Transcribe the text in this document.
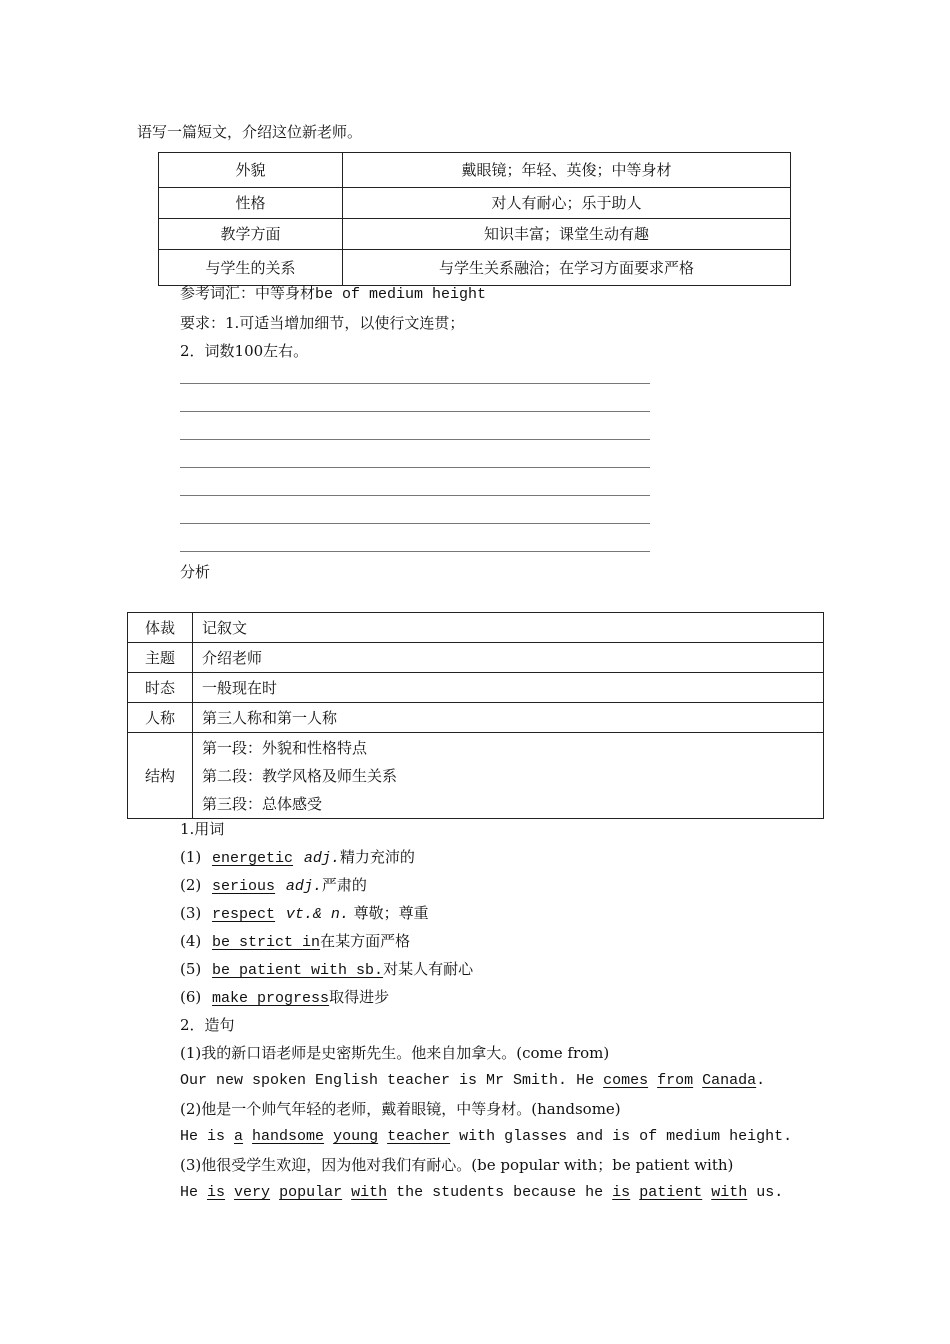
语写一篇短文，介绍这位新老师。
外貌	戴眼镜；年轻、英俊；中等身材
性格	对人有耐心；乐于助人
教学方面	知识丰富；课堂生动有趣
与学生的关系	与学生关系融洽；在学习方面要求严格
参考词汇：中等身材be of medium height
要求：1.可适当增加细节，以使行文连贯；
2．词数100左右。
分析
体裁	记叙文
主题	介绍老师
时态	一般现在时
人称	第三人称和第一人称
结构	第一段：外貌和性格特点
第二段：教学风格及师生关系
第三段：总体感受
1.用词
(1) energetic adj.精力充沛的
(2) serious adj.严肃的
(3) respect vt.& n. 尊敬；尊重
(4) be strict in在某方面严格
(5) be patient with sb.对某人有耐心
(6) make progress取得进步
2．造句
(1)我的新口语老师是史密斯先生。他来自加拿大。(come from)
Our new spoken English teacher is Mr Smith. He comes from Canada.
(2)他是一个帅气年轻的老师，戴着眼镜，中等身材。(handsome)
He is a handsome young teacher with glasses and is of medium height.
(3)他很受学生欢迎，因为他对我们有耐心。(be popular with；be patient with)
He is very popular with the students because he is patient with us.
